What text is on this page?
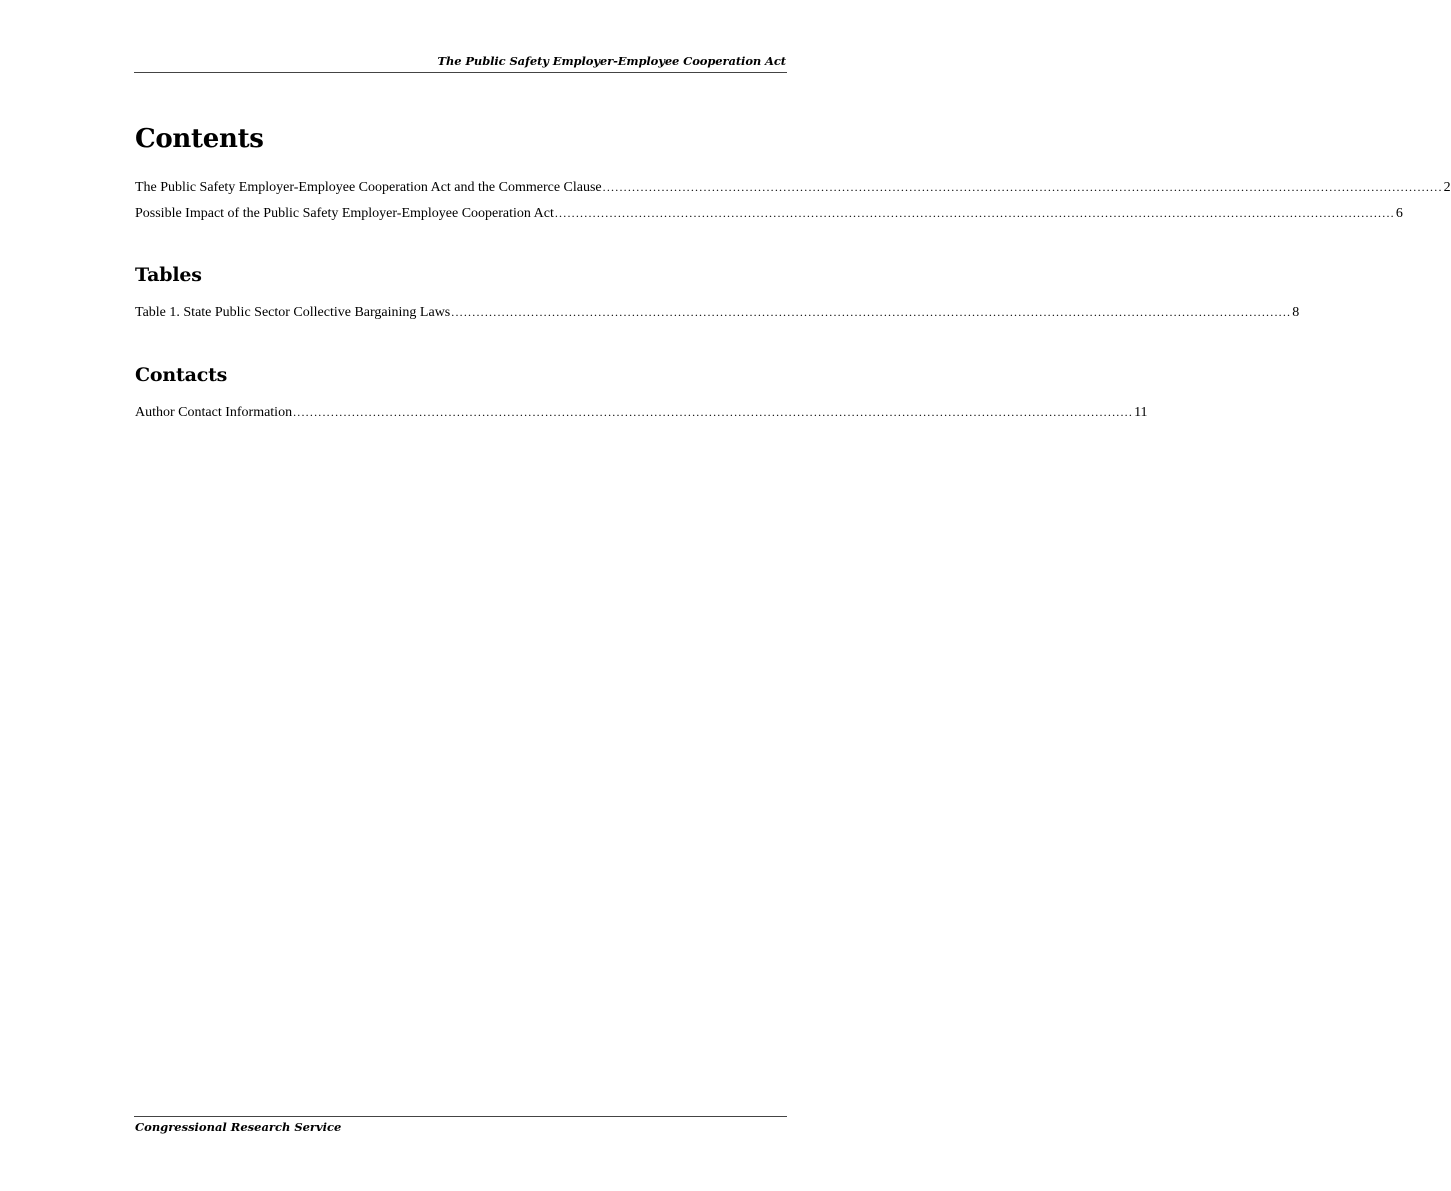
The Public Safety Employer-Employee Cooperation Act
Contents
The Public Safety Employer-Employee Cooperation Act and the Commerce Clause ........................................................................................................................................................................................................ 2
Possible Impact of the Public Safety Employer-Employee Cooperation Act ........................................................................................................................................................................................................ 6
Tables
Table 1. State Public Sector Collective Bargaining Laws ........................................................................................................................................................................................................ 8
Contacts
Author Contact Information ........................................................................................................................................................................................................ 11
Congressional Research Service
